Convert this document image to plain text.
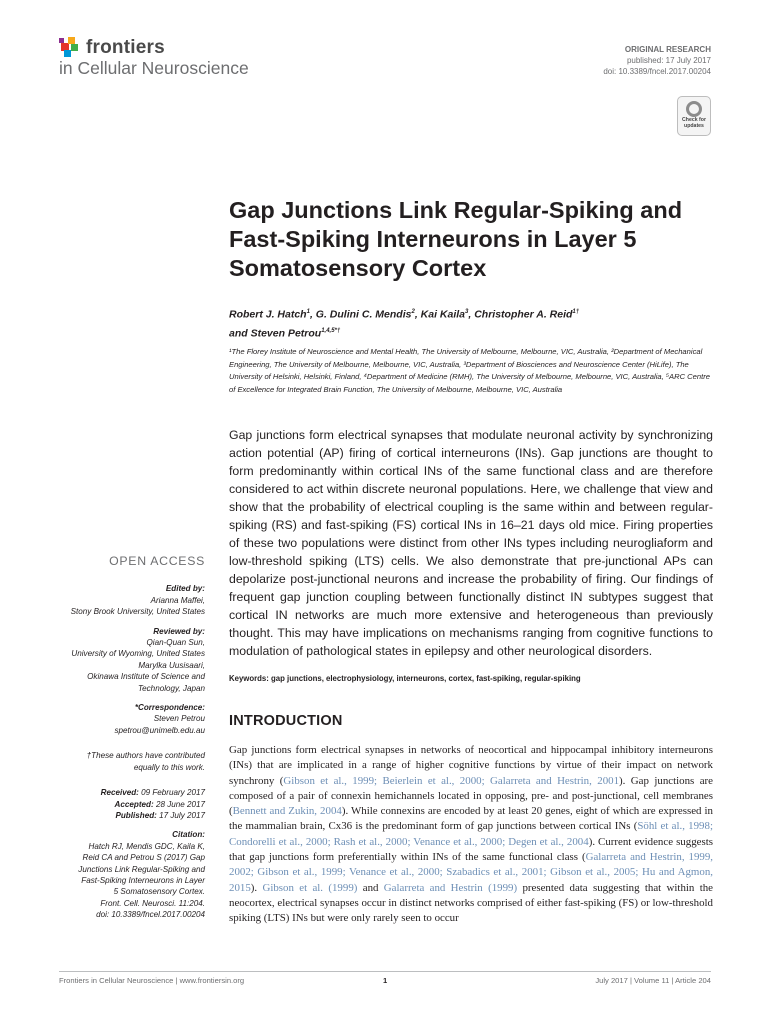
frontiers
in Cellular Neuroscience
ORIGINAL RESEARCH
published: 17 July 2017
doi: 10.3389/fncel.2017.00204
Check for updates
Gap Junctions Link Regular-Spiking and Fast-Spiking Interneurons in Layer 5 Somatosensory Cortex
Robert J. Hatch$^1$, G. Dulini C. Mendis$^2$, Kai Kaila$^3$, Christopher A. Reid$^{1\dagger}$
and Steven Petrou$^{1,4,5*\dagger}$
¹The Florey Institute of Neuroscience and Mental Health, The University of Melbourne, Melbourne, VIC, Australia, ²Department of Mechanical Engineering, The University of Melbourne, Melbourne, VIC, Australia, ³Department of Biosciences and Neuroscience Center (HiLife), The University of Helsinki, Helsinki, Finland, ⁴Department of Medicine (RMH), The University of Melbourne, Melbourne, VIC, Australia, ⁵ARC Centre of Excellence for Integrated Brain Function, The University of Melbourne, Melbourne, VIC, Australia
Gap junctions form electrical synapses that modulate neuronal activity by synchronizing action potential (AP) firing of cortical interneurons (INs). Gap junctions are thought to form predominantly within cortical INs of the same functional class and are therefore considered to act within discrete neuronal populations. Here, we challenge that view and show that the probability of electrical coupling is the same within and between regular-spiking (RS) and fast-spiking (FS) cortical INs in 16–21 days old mice. Firing properties of these two populations were distinct from other INs types including neurogliaform and low-threshold spiking (LTS) cells. We also demonstrate that pre-junctional APs can depolarize post-junctional neurons and increase the probability of firing. Our findings of frequent gap junction coupling between functionally distinct IN subtypes suggest that cortical IN networks are much more extensive and heterogeneous than previously thought. This may have implications on mechanisms ranging from cognitive functions to modulation of pathological states in epilepsy and other neurological disorders.
Keywords: gap junctions, electrophysiology, interneurons, cortex, fast-spiking, regular-spiking
OPEN ACCESS
Edited by:
Arianna Maffei,
Stony Brook University, United States
Reviewed by:
Qian-Quan Sun,
University of Wyoming, United States
Marylka Uusisaari,
Okinawa Institute of Science and
Technology, Japan
*Correspondence:
Steven Petrou
spetrou@unimelb.edu.au
†These authors have contributed
equally to this work.
Received: 09 February 2017
Accepted: 28 June 2017
Published: 17 July 2017
Citation:
Hatch RJ, Mendis GDC, Kaila K,
Reid CA and Petrou S (2017) Gap
Junctions Link Regular-Spiking and
Fast-Spiking Interneurons in Layer
5 Somatosensory Cortex.
Front. Cell. Neurosci. 11:204.
doi: 10.3389/fncel.2017.00204
INTRODUCTION
Gap junctions form electrical synapses in networks of neocortical and hippocampal inhibitory interneurons (INs) that are implicated in a range of higher cognitive functions by virtue of their impact on network synchrony (Gibson et al., 1999; Beierlein et al., 2000; Galarreta and Hestrin, 2001). Gap junctions are composed of a pair of connexin hemichannels located in opposing, pre- and post-junctional, cell membranes (Bennett and Zukin, 2004). While connexins are encoded by at least 20 genes, eight of which are expressed in the mammalian brain, Cx36 is the predominant form of gap junctions between cortical INs (Söhl et al., 1998; Condorelli et al., 2000; Rash et al., 2000; Venance et al., 2000; Degen et al., 2004). Current evidence suggests that gap junctions form preferentially within INs of the same functional class (Galarreta and Hestrin, 1999, 2002; Gibson et al., 1999; Venance et al., 2000; Szabadics et al., 2001; Gibson et al., 2005; Hu and Agmon, 2015). Gibson et al. (1999) and Galarreta and Hestrin (1999) presented data suggesting that within the neocortex, electrical synapses occur in distinct networks comprised of either fast-spiking (FS) or low-threshold spiking (LTS) INs but were only rarely seen to occur
Frontiers in Cellular Neuroscience | www.frontiersin.org	1	July 2017 | Volume 11 | Article 204
